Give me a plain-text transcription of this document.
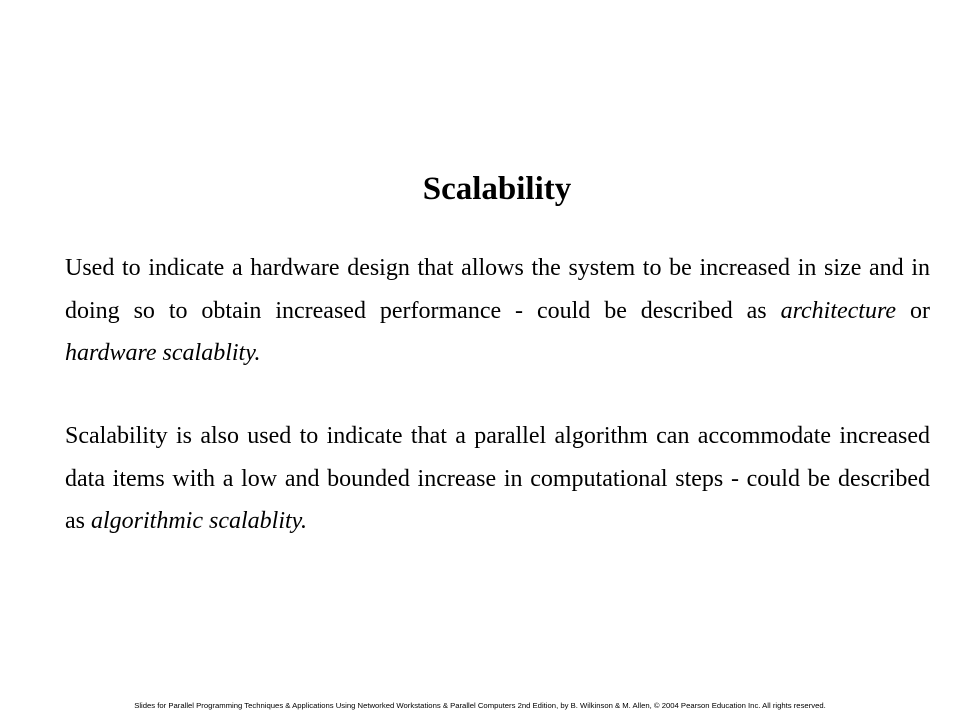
Scalability

Used to indicate a hardware design that allows the system to be increased in size and in doing so to obtain increased performance - could be described as architecture or hardware scalablity.

Scalability is also used to indicate that a parallel algorithm can accommodate increased data items with a low and bounded increase in computational steps - could be described as algorithmic scalablity.

Slides for Parallel Programming Techniques & Applications Using Networked Workstations & Parallel Computers 2nd Edition, by B. Wilkinson & M. Allen, © 2004 Pearson Education Inc. All rights reserved.
